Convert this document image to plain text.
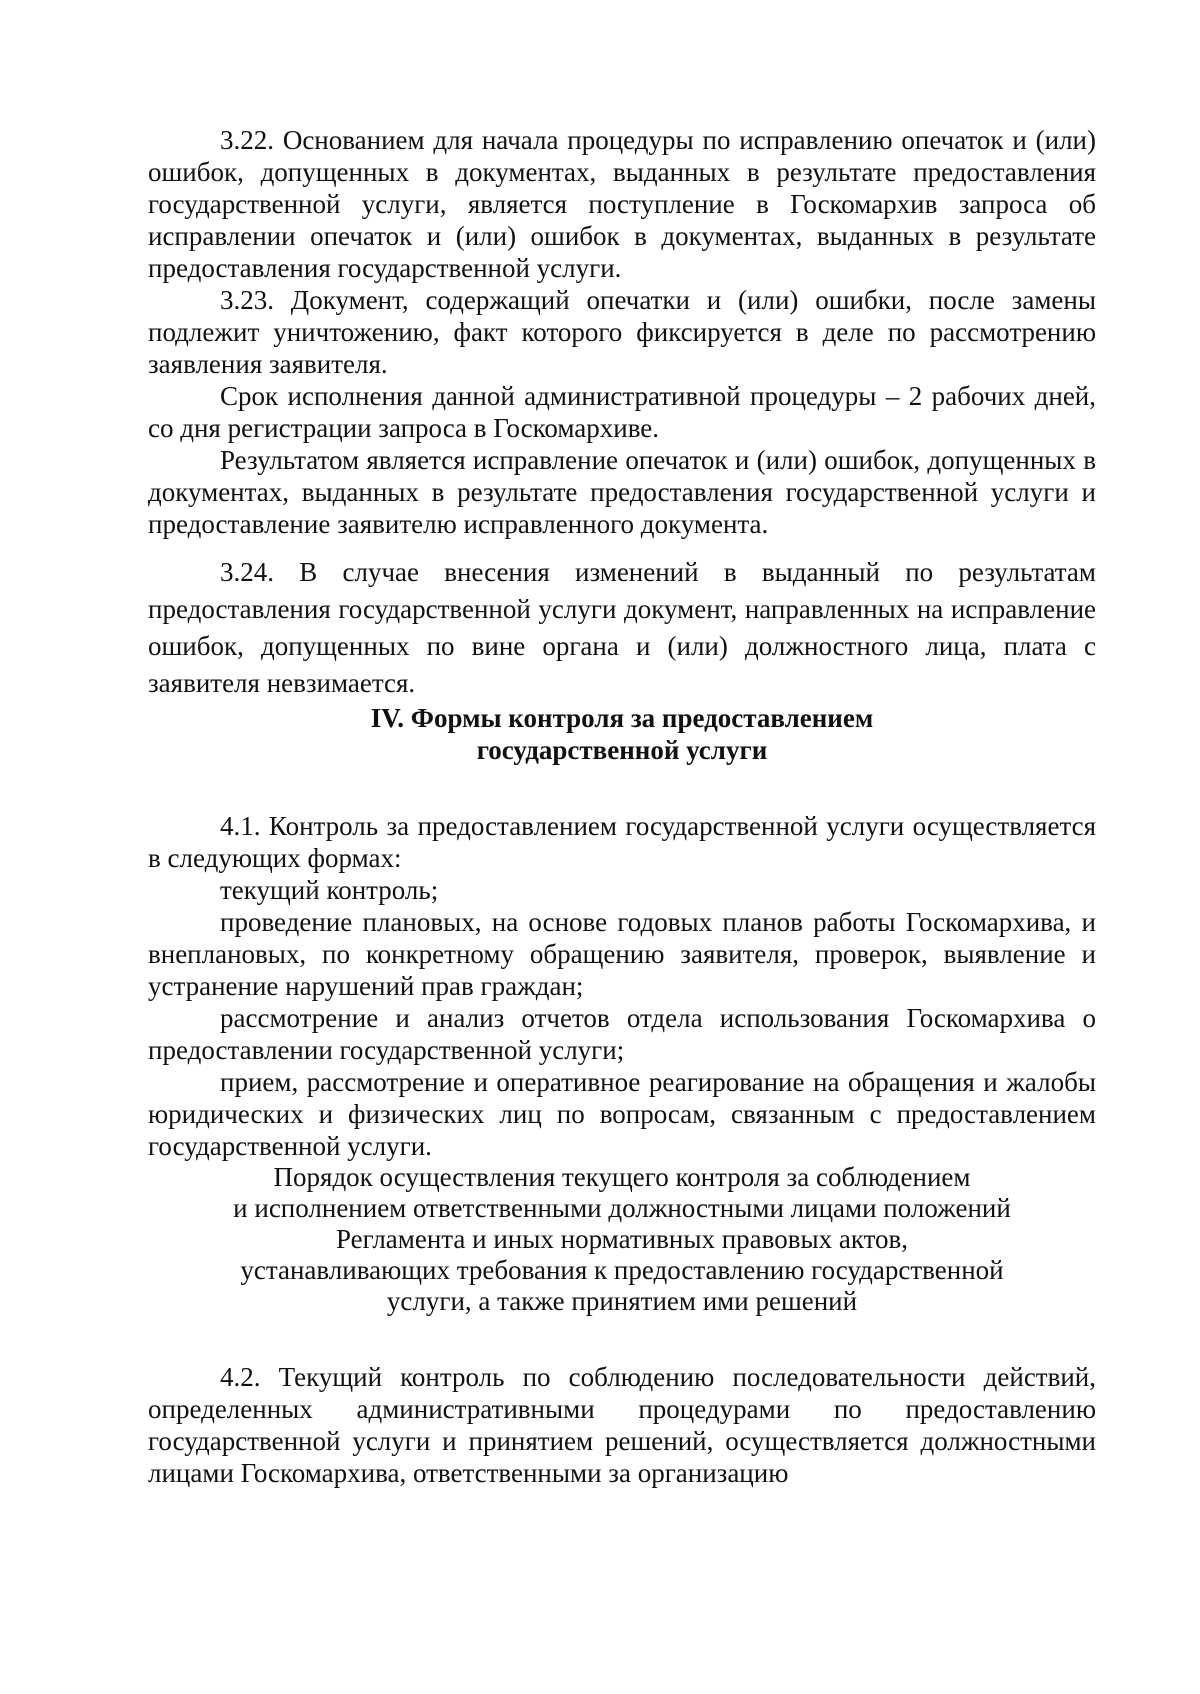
3.22. Основанием для начала процедуры по исправлению опечаток и (или) ошибок, допущенных в документах, выданных в результате предоставления государственной услуги, является поступление в Госкомархив запроса об исправлении опечаток и (или) ошибок в документах, выданных в результате предоставления государственной услуги.

3.23. Документ, содержащий опечатки и (или) ошибки, после замены подлежит уничтожению, факт которого фиксируется в деле по рассмотрению заявления заявителя.

Срок исполнения данной административной процедуры – 2 рабочих дней, со дня регистрации запроса в Госкомархиве.

Результатом является исправление опечаток и (или) ошибок, допущенных в документах, выданных в результате предоставления государственной услуги и предоставление заявителю исправленного документа.

3.24. В случае внесения изменений в выданный по результатам предоставления государственной услуги документ, направленных на исправление ошибок, допущенных по вине органа и (или) должностного лица, плата с заявителя невзимается.

IV. Формы контроля за предоставлением
государственной услуги

4.1. Контроль за предоставлением государственной услуги осуществляется в следующих формах:

текущий контроль;

проведение плановых, на основе годовых планов работы Госкомархива, и внеплановых, по конкретному обращению заявителя, проверок, выявление и устранение нарушений прав граждан;

рассмотрение и анализ отчетов отдела использования Госкомархива о предоставлении государственной услуги;

прием, рассмотрение и оперативное реагирование на обращения и жалобы юридических и физических лиц по вопросам, связанным с предоставлением государственной услуги.

Порядок осуществления текущего контроля за соблюдением
и исполнением ответственными должностными лицами положений
Регламента и иных нормативных правовых актов,
устанавливающих требования к предоставлению государственной
услуги, а также принятием ими решений

4.2. Текущий контроль по соблюдению последовательности действий, определенных административными процедурами по предоставлению государственной услуги и принятием решений, осуществляется должностными лицами Госкомархива, ответственными за организацию
